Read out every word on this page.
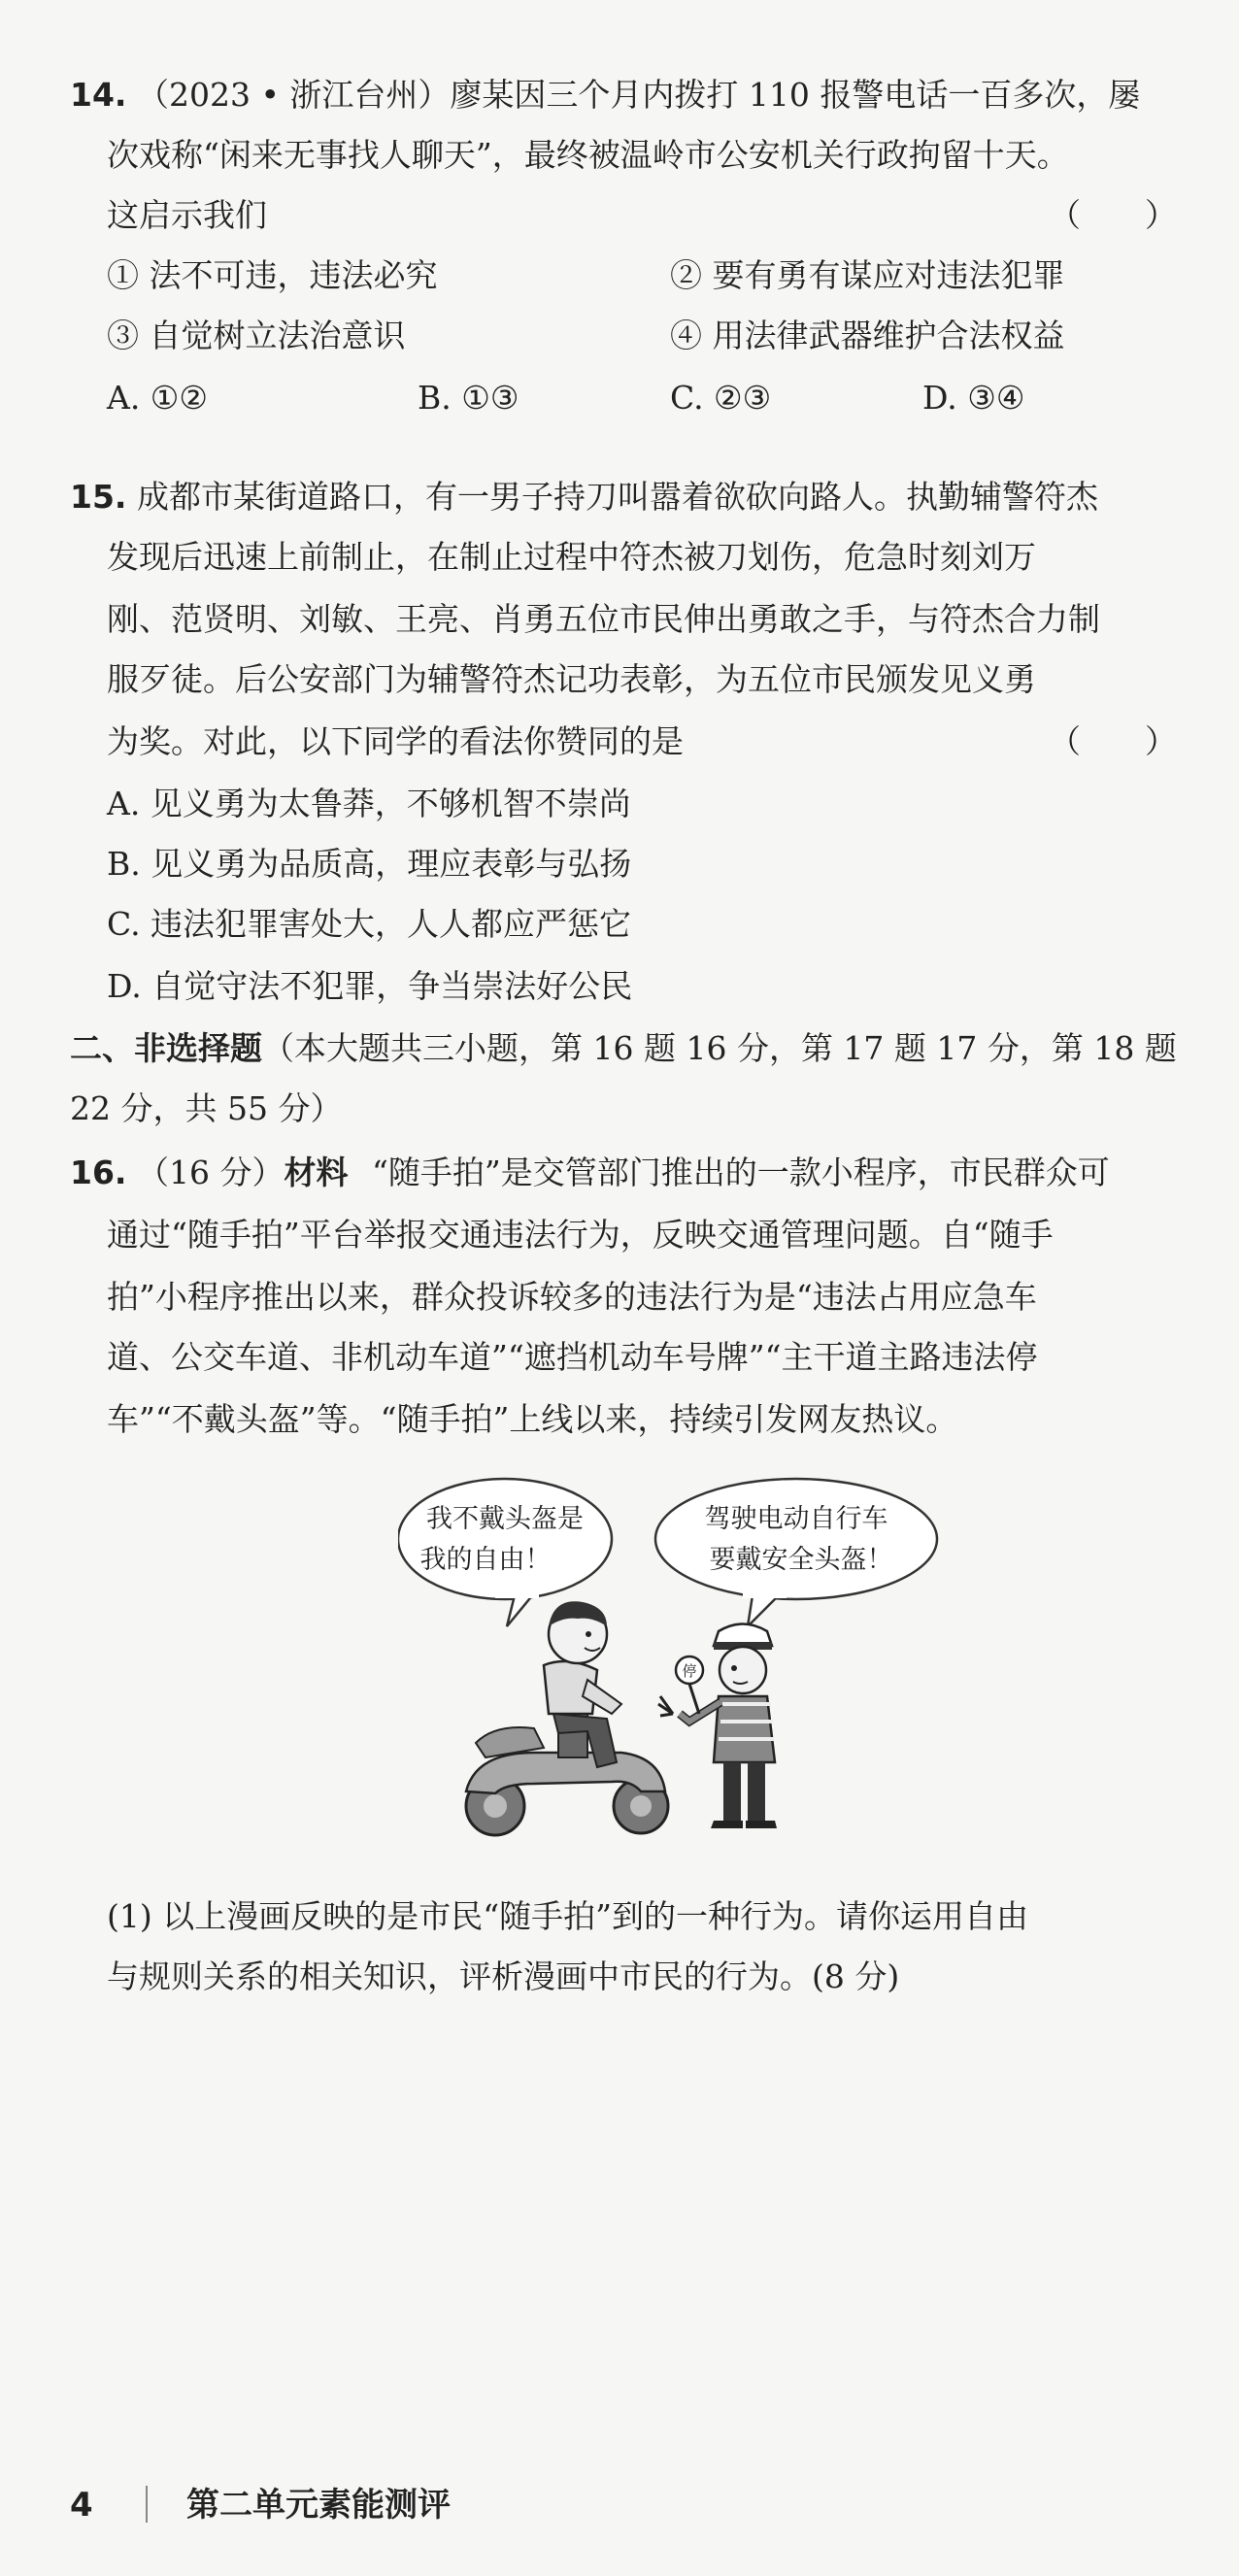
14. （2023 • 浙江台州）廖某因三个月内拨打 110 报警电话一百多次，屡
次戏称“闲来无事找人聊天”，最终被温岭市公安机关行政拘留十天。
这启示我们	（　　）
① 法不可违，违法必究	② 要有勇有谋应对违法犯罪
③ 自觉树立法治意识	④ 用法律武器维护合法权益
A. ①②	B. ①③	C. ②③	D. ③④
15. 成都市某街道路口，有一男子持刀叫嚣着欲砍向路人。执勤辅警符杰
发现后迅速上前制止，在制止过程中符杰被刀划伤，危急时刻刘万
刚、范贤明、刘敏、王亮、肖勇五位市民伸出勇敢之手，与符杰合力制
服歹徒。后公安部门为辅警符杰记功表彰，为五位市民颁发见义勇
为奖。对此，以下同学的看法你赞同的是	（　　）
A. 见义勇为太鲁莽，不够机智不崇尚
B. 见义勇为品质高，理应表彰与弘扬
C. 违法犯罪害处大，人人都应严惩它
D. 自觉守法不犯罪，争当崇法好公民
二、非选择题（本大题共三小题，第 16 题 16 分，第 17 题 17 分，第 18 题
22 分，共 55 分）
16. （16 分）材料 “随手拍”是交管部门推出的一款小程序，市民群众可
通过“随手拍”平台举报交通违法行为，反映交通管理问题。自“随手
拍”小程序推出以来，群众投诉较多的违法行为是“违法占用应急车
道、公交车道、非机动车道”“遮挡机动车号牌”“主干道主路违法停
车”“不戴头盔”等。“随手拍”上线以来，持续引发网友热议。
我不戴头盔是
我的自由！
驾驶电动自行车
要戴安全头盔！
停
(1) 以上漫画反映的是市民“随手拍”到的一种行为。请你运用自由
与规则关系的相关知识，评析漫画中市民的行为。(8 分)
4	第二单元素能测评
